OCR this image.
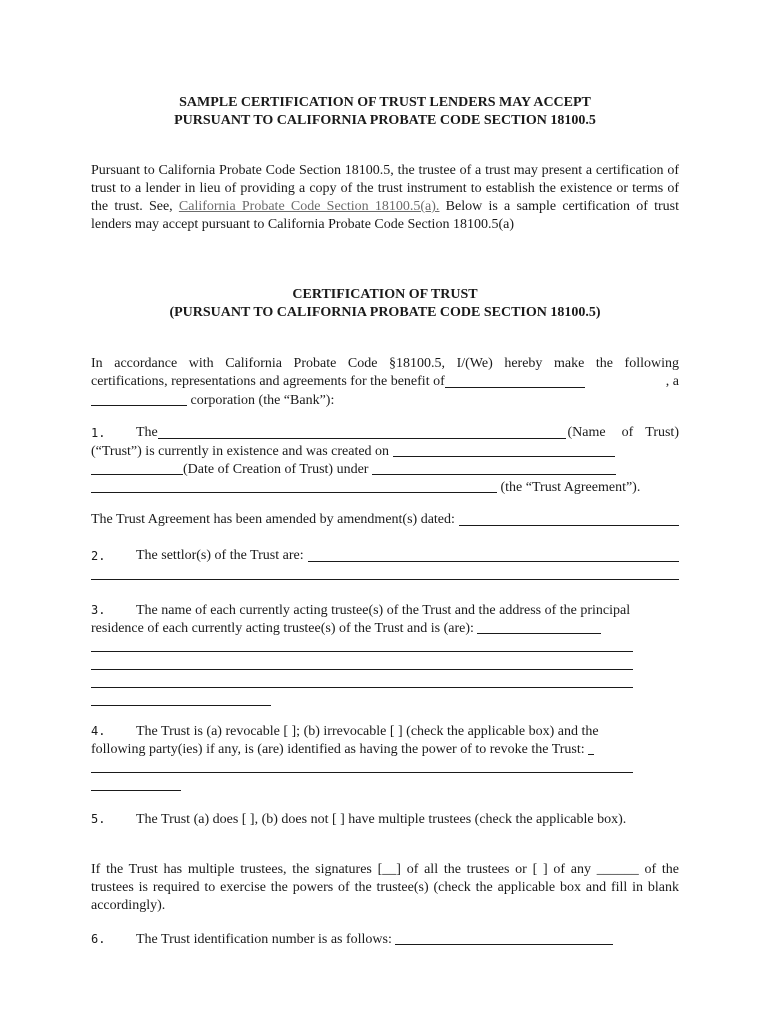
SAMPLE CERTIFICATION OF TRUST LENDERS MAY ACCEPT
PURSUANT TO CALIFORNIA PROBATE CODE SECTION 18100.5
Pursuant to California Probate Code Section 18100.5, the trustee of a trust may present a certification of trust to a lender in lieu of providing a copy of the trust instrument to establish the existence or terms of the trust. See, California Probate Code Section 18100.5(a). Below is a sample certification of trust lenders may accept pursuant to California Probate Code Section 18100.5(a)
CERTIFICATION OF TRUST
(PURSUANT TO CALIFORNIA PROBATE CODE SECTION 18100.5)
In accordance with California Probate Code §18100.5, I/(We) hereby make the following
certifications, representations and agreements for the benefit of	, a
corporation (the “Bank”):
1.	The	(Name of Trust)
(“Trust”) is currently in existence and was created on
(Date of Creation of Trust) under
(the “Trust Agreement”).
The Trust Agreement has been amended by amendment(s) dated:
2.	The settlor(s) of the Trust are:
3. The name of each currently acting trustee(s) of the Trust and the address of the principal
residence of each currently acting trustee(s) of the Trust and is (are):
4. The Trust is (a) revocable [ ]; (b) irrevocable [ ] (check the applicable box) and the
following party(ies) if any, is (are) identified as having the power of to revoke the Trust:
5. The Trust (a) does [ ], (b) does not [ ] have multiple trustees (check the applicable box).
If the Trust has multiple trustees, the signatures [__] of all the trustees or [ ] of any ______ of the trustees is required to exercise the powers of the trustee(s) (check the applicable box and fill in blank accordingly).
6. The Trust identification number is as follows:
